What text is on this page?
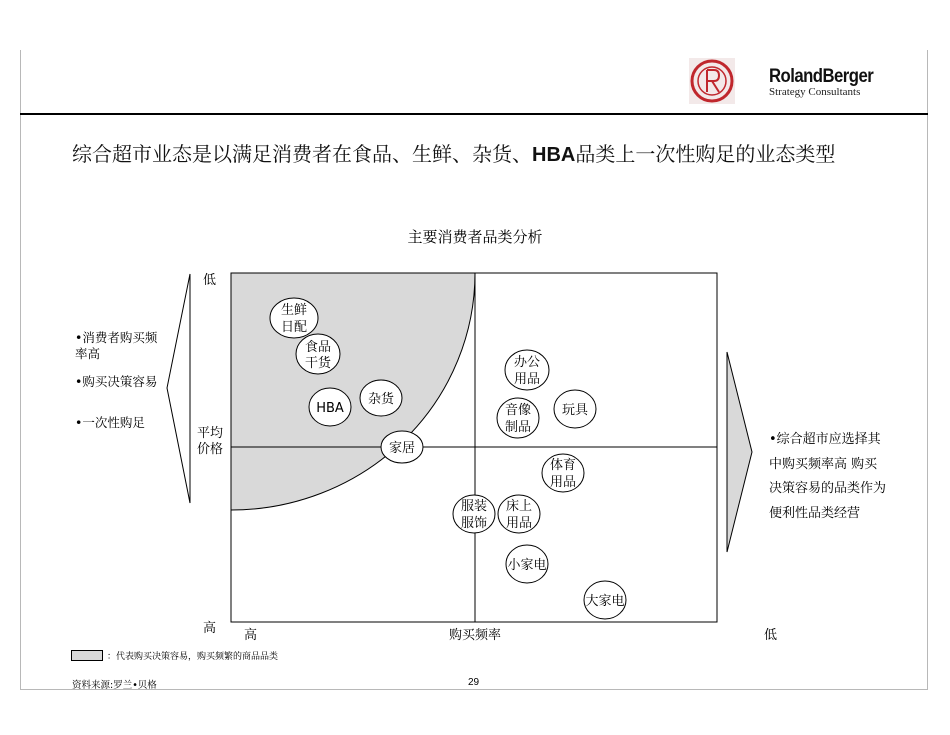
RolandBerger
Strategy Consultants
综合超市业态是以满足消费者在食品、生鲜、杂货、HBA品类上一次性购足的业态类型
主要消费者品类分析
生鲜
日配
食品
干货
HBA
杂货
家居
办公
用品
音像
制品
玩具
体育
用品
服装
服饰
床上
用品
小家电
大家电
低
平均
价格
高 高	购买频率	低
•消费者购买频率高
•购买决策容易
•一次性购足
•综合超市应选择其中购买频率高 购买决策容易的品类作为便利性品类经营
：代表购买决策容易，购买频繁的商品品类
资料来源:罗兰•贝格	29
